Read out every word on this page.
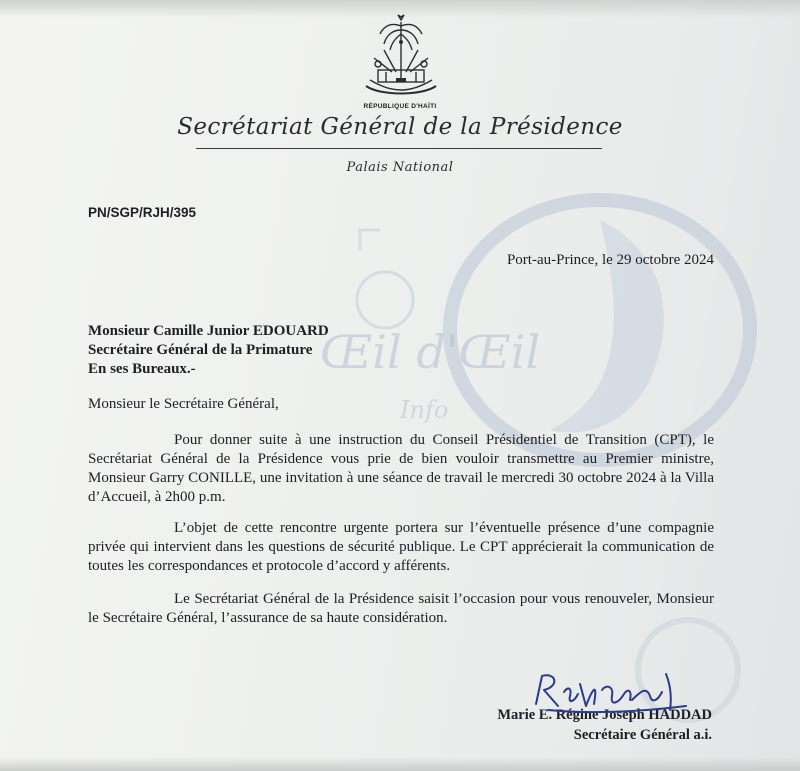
Œil d'Œil
Info
RÉPUBLIQUE D'HAÏTI
Secrétariat Général de la Présidence
Palais National
PN/SGP/RJH/395
Port-au-Prince, le 29 octobre 2024
Monsieur Camille Junior EDOUARD
Secrétaire Général de la Primature
En ses Bureaux.-
Monsieur le Secrétaire Général,

Pour donner suite à une instruction du Conseil Présidentiel de Transition (CPT), le Secrétariat Général de la Présidence vous prie de bien vouloir transmettre au Premier ministre, Monsieur Garry CONILLE, une invitation à une séance de travail le mercredi 30 octobre 2024 à la Villa d’Accueil, à 2h00 p.m.

L’objet de cette rencontre urgente portera sur l’éventuelle présence d’une compagnie privée qui intervient dans les questions de sécurité publique. Le CPT apprécierait la communication de toutes les correspondances et protocole d’accord y afférents.

Le Secrétariat Général de la Présidence saisit l’occasion pour vous renouveler, Monsieur le Secrétaire Général, l’assurance de sa haute considération.

Marie E. Régine Joseph HADDAD
Secrétaire Général a.i.
